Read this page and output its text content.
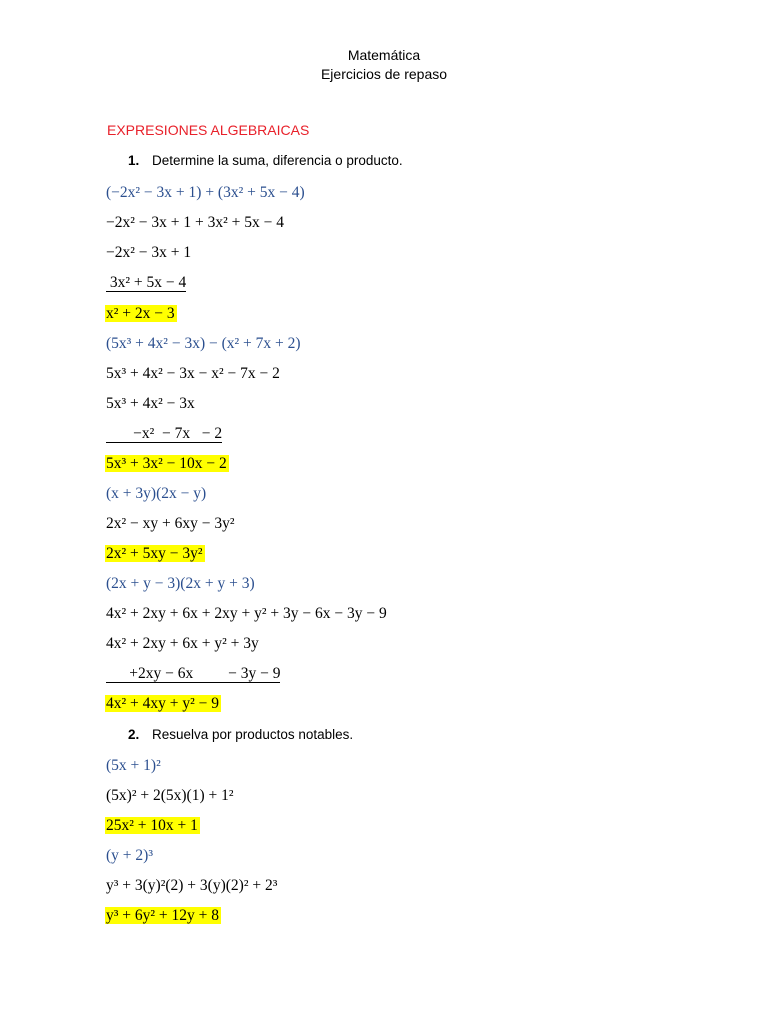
Matemática
Ejercicios de repaso
EXPRESIONES ALGEBRAICAS
1. Determine la suma, diferencia o producto.
(−2x² − 3x + 1) + (3x² + 5x − 4)
−2x² − 3x + 1 + 3x² + 5x − 4
−2x² − 3x + 1
3x² + 5x − 4
x² + 2x − 3
(5x³ + 4x² − 3x) − (x² + 7x + 2)
5x³ + 4x² − 3x − x² − 7x − 2
5x³ + 4x² − 3x
−x²  − 7x   − 2
5x³ + 3x² − 10x − 2
(x + 3y)(2x − y)
2x² − xy + 6xy − 3y²
2x² + 5xy − 3y²
(2x + y − 3)(2x + y + 3)
4x² + 2xy + 6x + 2xy + y² + 3y − 6x − 3y − 9
4x² + 2xy + 6x + y² + 3y
+2xy − 6x         − 3y − 9
4x² + 4xy + y² − 9
2. Resuelva por productos notables.
(5x + 1)²
(5x)² + 2(5x)(1) + 1²
25x² + 10x + 1
(y + 2)³
y³ + 3(y)²(2) + 3(y)(2)² + 2³
y³ + 6y² + 12y + 8
